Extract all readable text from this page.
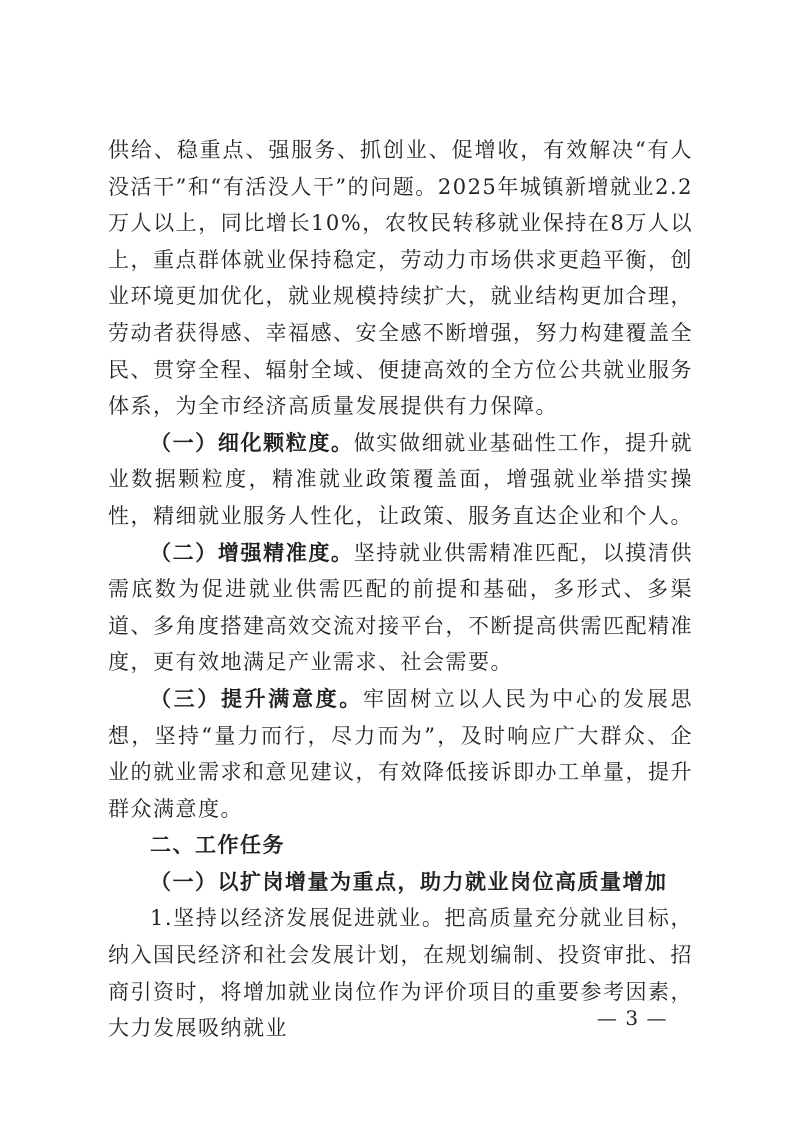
供给、稳重点、强服务、抓创业、促增收，有效解决“有人没活干”和“有活没人干”的问题。2025年城镇新增就业2.2万人以上，同比增长10%，农牧民转移就业保持在8万人以上，重点群体就业保持稳定，劳动力市场供求更趋平衡，创业环境更加优化，就业规模持续扩大，就业结构更加合理，劳动者获得感、幸福感、安全感不断增强，努力构建覆盖全民、贯穿全程、辐射全域、便捷高效的全方位公共就业服务体系，为全市经济高质量发展提供有力保障。

（一）细化颗粒度。做实做细就业基础性工作，提升就业数据颗粒度，精准就业政策覆盖面，增强就业举措实操性，精细就业服务人性化，让政策、服务直达企业和个人。

（二）增强精准度。坚持就业供需精准匹配，以摸清供需底数为促进就业供需匹配的前提和基础，多形式、多渠道、多角度搭建高效交流对接平台，不断提高供需匹配精准度，更有效地满足产业需求、社会需要。

（三）提升满意度。牢固树立以人民为中心的发展思想，坚持“量力而行，尽力而为”，及时响应广大群众、企业的就业需求和意见建议，有效降低接诉即办工单量，提升群众满意度。

二、工作任务

（一）以扩岗增量为重点，助力就业岗位高质量增加

1.坚持以经济发展促进就业。把高质量充分就业目标，纳入国民经济和社会发展计划，在规划编制、投资审批、招商引资时，将增加就业岗位作为评价项目的重要参考因素，大力发展吸纳就业	— 3 —
